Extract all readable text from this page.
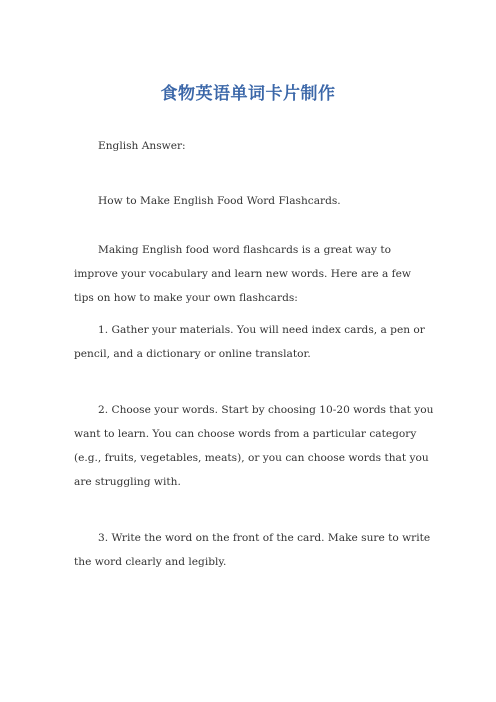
食物英语单词卡片制作

English Answer:

How to Make English Food Word Flashcards.

Making English food word flashcards is a great way to improve your vocabulary and learn new words. Here are a few tips on how to make your own flashcards:

1. Gather your materials. You will need index cards, a pen or pencil, and a dictionary or online translator.

2. Choose your words. Start by choosing 10-20 words that you want to learn. You can choose words from a particular category (e.g., fruits, vegetables, meats), or you can choose words that you are struggling with.

3. Write the word on the front of the card. Make sure to write the word clearly and legibly.
